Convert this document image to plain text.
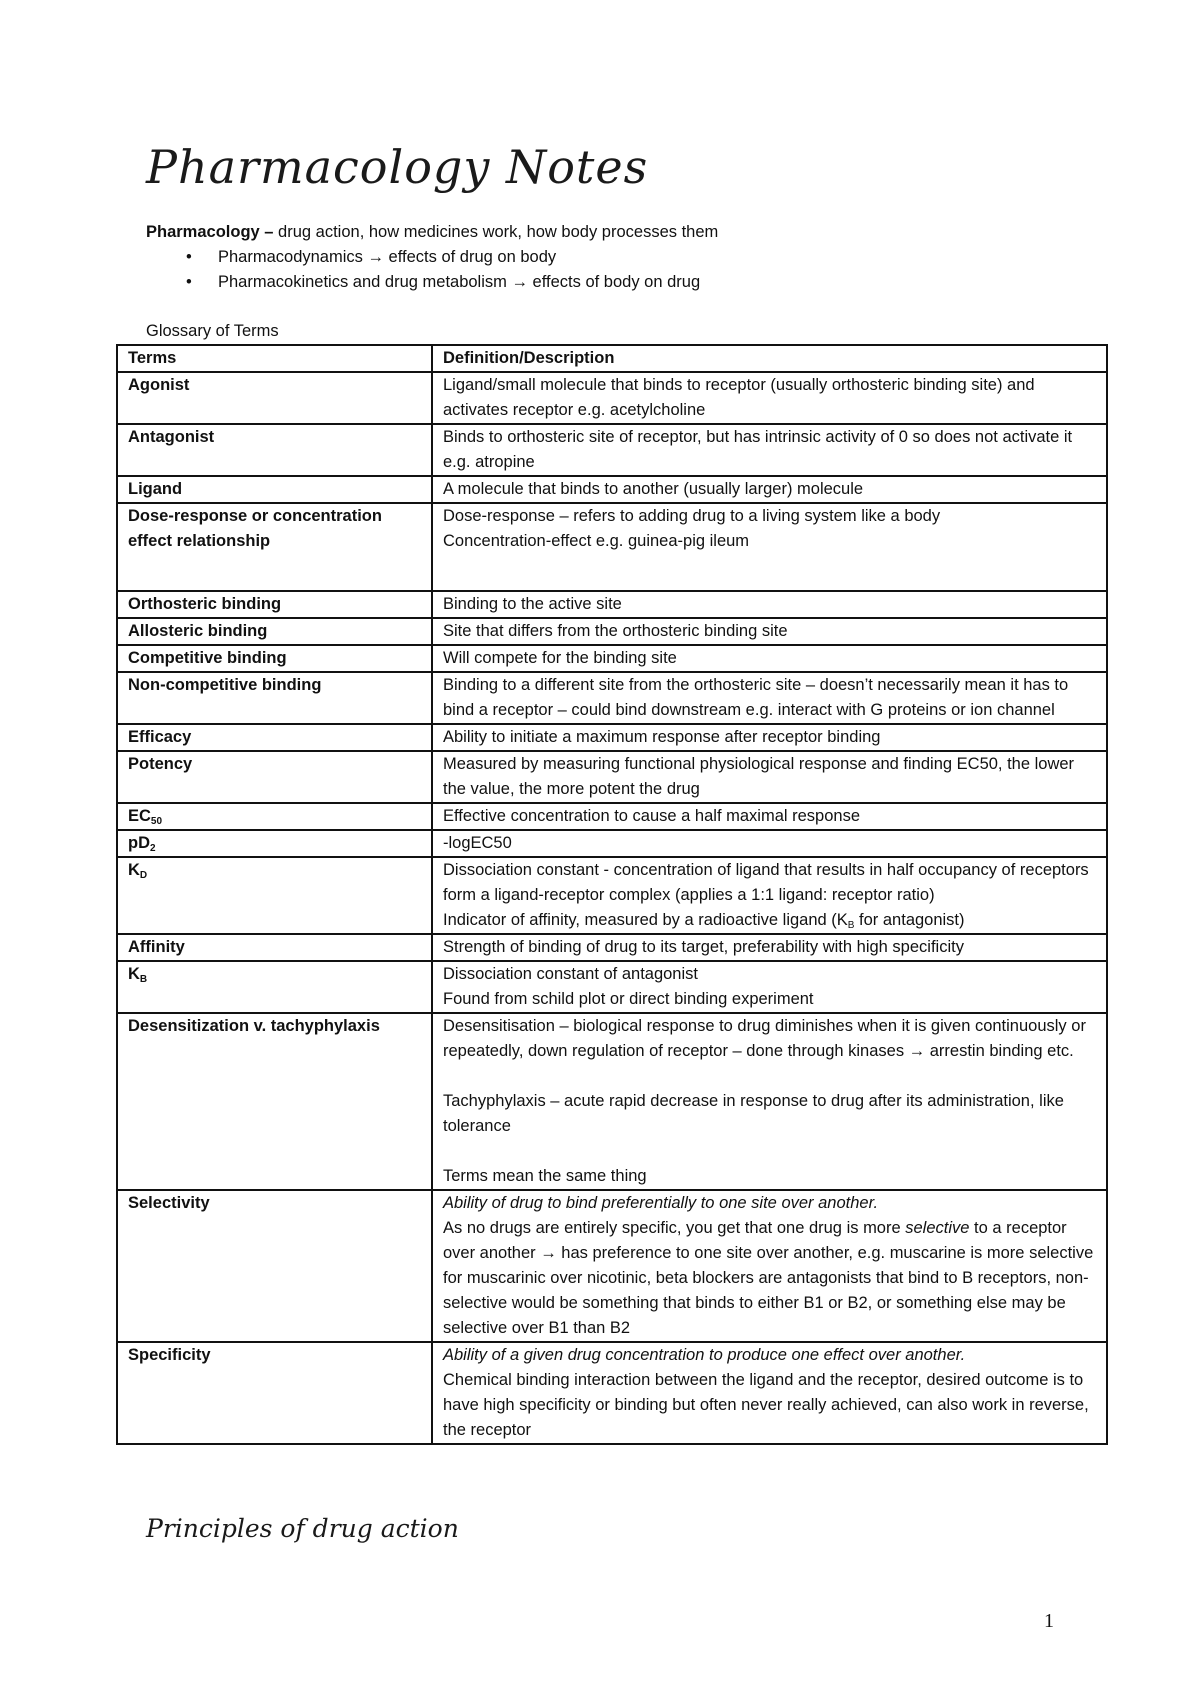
Pharmacology Notes
Pharmacology – drug action, how medicines work, how body processes them
• Pharmacodynamics → effects of drug on body
• Pharmacokinetics and drug metabolism → effects of body on drug
Glossary of Terms
Terms	Definition/Description
Agonist	Ligand/small molecule that binds to receptor (usually orthosteric binding site) and activates receptor e.g. acetylcholine

Antagonist	Binds to orthosteric site of receptor, but has intrinsic activity of 0 so does not activate it e.g. atropine

Ligand	A molecule that binds to another (usually larger) molecule

Dose-response or concentration effect relationship	Dose-response – refers to adding drug to a living system like a body

Concentration-effect e.g. guinea-pig ileum

Orthosteric binding	Binding to the active site

Allosteric binding	Site that differs from the orthosteric binding site

Competitive binding	Will compete for the binding site

Non-competitive binding	Binding to a different site from the orthosteric site – doesn’t necessarily mean it has to bind a receptor – could bind downstream e.g. interact with G proteins or ion channel

Efficacy	Ability to initiate a maximum response after receptor binding

Potency	Measured by measuring functional physiological response and finding EC50, the lower the value, the more potent the drug

$EC_{50}$	Effective concentration to cause a half maximal response

$pD_2$	-logEC50

$K_D$	Dissociation constant - concentration of ligand that results in half occupancy of receptors form a ligand-receptor complex (applies a 1:1 ligand: receptor ratio)

Indicator of affinity, measured by a radioactive ligand ($K_B$ for antagonist)

Affinity	Strength of binding of drug to its target, preferability with high specificity

$K_B$	Dissociation constant of antagonist

Found from schild plot or direct binding experiment

Desensitization v. tachyphylaxis	Desensitisation – biological response to drug diminishes when it is given continuously or repeatedly, down regulation of receptor – done through kinases → arrestin binding etc.

Tachyphylaxis – acute rapid decrease in response to drug after its administration, like tolerance

Terms mean the same thing

Selectivity	Ability of drug to bind preferentially to one site over another.

As no drugs are entirely specific, you get that one drug is more selective to a receptor over another → has preference to one site over another, e.g. muscarine is more selective for muscarinic over nicotinic, beta blockers are antagonists that bind to B receptors, non-selective would be something that binds to either B1 or B2, or something else may be selective over B1 than B2

Specificity	Ability of a given drug concentration to produce one effect over another.

Chemical binding interaction between the ligand and the receptor, desired outcome is to have high specificity or binding but often never really achieved, can also work in reverse, the receptor

Principles of drug action
1
